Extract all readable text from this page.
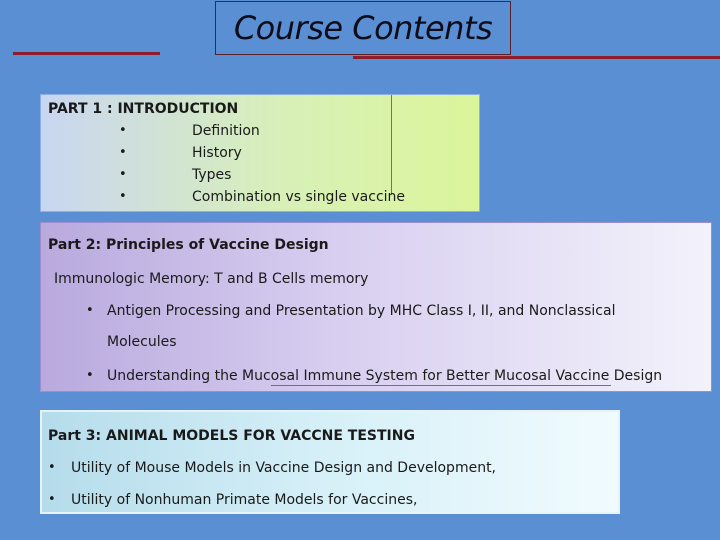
Course Contents
PART 1 : INTRODUCTION
•	Definition
•	History
•	Types
•	Combination vs single vaccine
Part 2: Principles of Vaccine Design
Immunologic Memory: T and B Cells memory
• Antigen Processing and Presentation by MHC Class I, II, and Nonclassical
Molecules
• Understanding the Mucosal Immune System for Better Mucosal Vaccine Design
Part 3: ANIMAL MODELS FOR VACCNE TESTING
• Utility of Mouse Models in Vaccine Design and Development,
• Utility of Nonhuman Primate Models for Vaccines,
